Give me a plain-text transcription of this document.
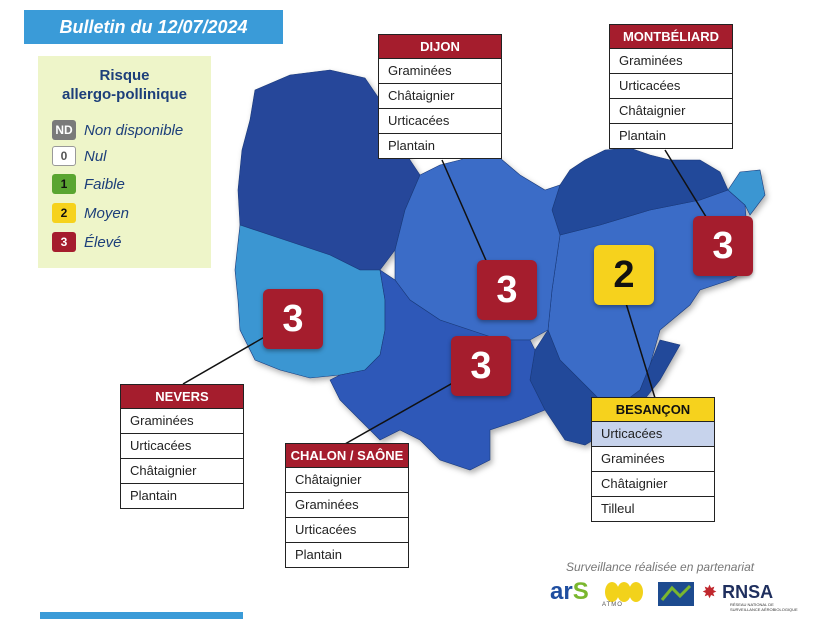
Bulletin du 12/07/2024
Risque
allergo-pollinique
ND Non disponible
0	Nul
1	Faible
2	Moyen
3	Élevé
3
3
2
3
3
DIJON
Graminées
Châtaignier
Urticacées
Plantain
MONTBÉLIARD
Graminées
Urticacées
Châtaignier
Plantain
NEVERS
Graminées
Urticacées
Châtaignier
Plantain
CHALON / SAÔNE
Châtaignier
Graminées
Urticacées
Plantain
BESANÇON
Urticacées
Graminées
Châtaignier
Tilleul
Surveillance réalisée en partenariat
arS ATMO
✸ RNSA
RÉSEAU NATIONAL DE SURVEILLANCE AÉROBIOLOGIQUE
